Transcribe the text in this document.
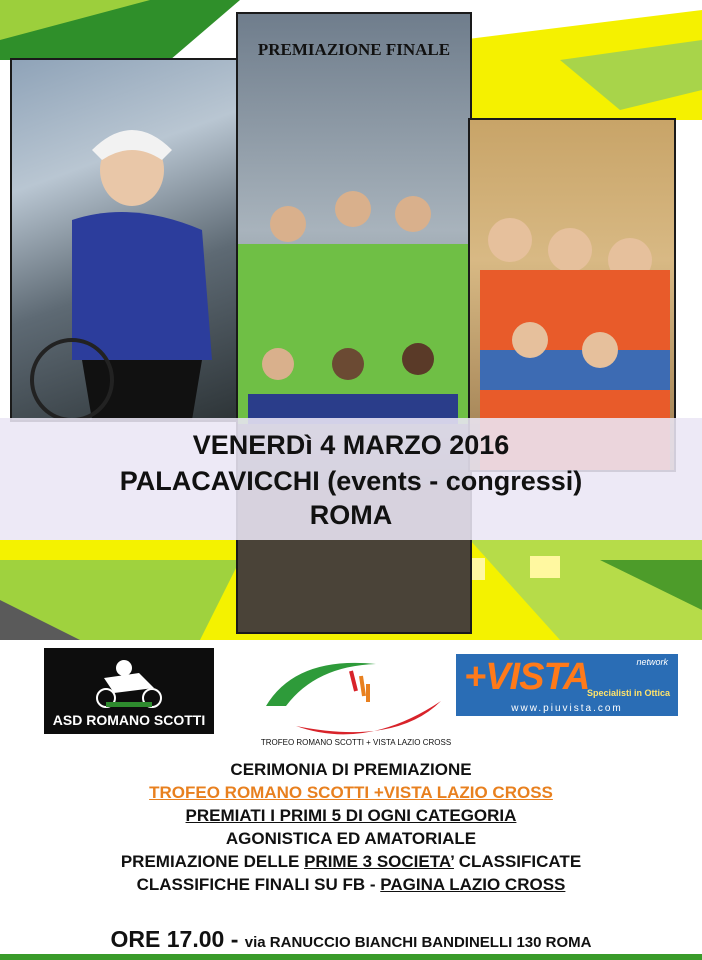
PREMIAZIONE FINALE
VENERDì 4 MARZO 2016
PALACAVICCHI (events - congressi)
ROMA
ASD ROMANO SCOTTI
TROFEO ROMANO SCOTTI + VISTA LAZIO CROSS
+VISTA	network
Specialisti in Ottica
www.piuvista.com
CERIMONIA DI PREMIAZIONE
TROFEO ROMANO SCOTTI +VISTA LAZIO CROSS
PREMIATI I PRIMI 5 DI OGNI CATEGORIA
AGONISTICA ED AMATORIALE
PREMIAZIONE DELLE PRIME 3 SOCIETA’ CLASSIFICATE
CLASSIFICHE FINALI SU FB - PAGINA LAZIO CROSS
ORE 17.00 - via RANUCCIO BIANCHI BANDINELLI 130 ROMA
